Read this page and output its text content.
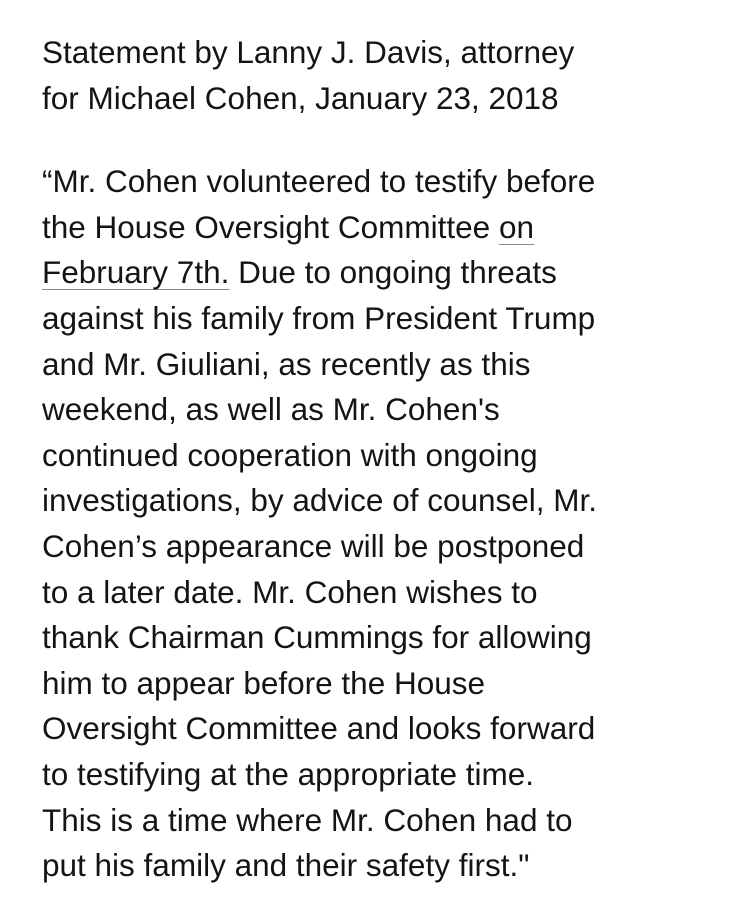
Statement by Lanny J. Davis, attorney
for Michael Cohen, January 23, 2018
“Mr. Cohen volunteered to testify before
the House Oversight Committee on
February 7th. Due to ongoing threats
against his family from President Trump
and Mr. Giuliani, as recently as this
weekend, as well as Mr. Cohen's
continued cooperation with ongoing
investigations, by advice of counsel, Mr.
Cohen’s appearance will be postponed
to a later date. Mr. Cohen wishes to
thank Chairman Cummings for allowing
him to appear before the House
Oversight Committee and looks forward
to testifying at the appropriate time.
This is a time where Mr. Cohen had to
put his family and their safety first."
